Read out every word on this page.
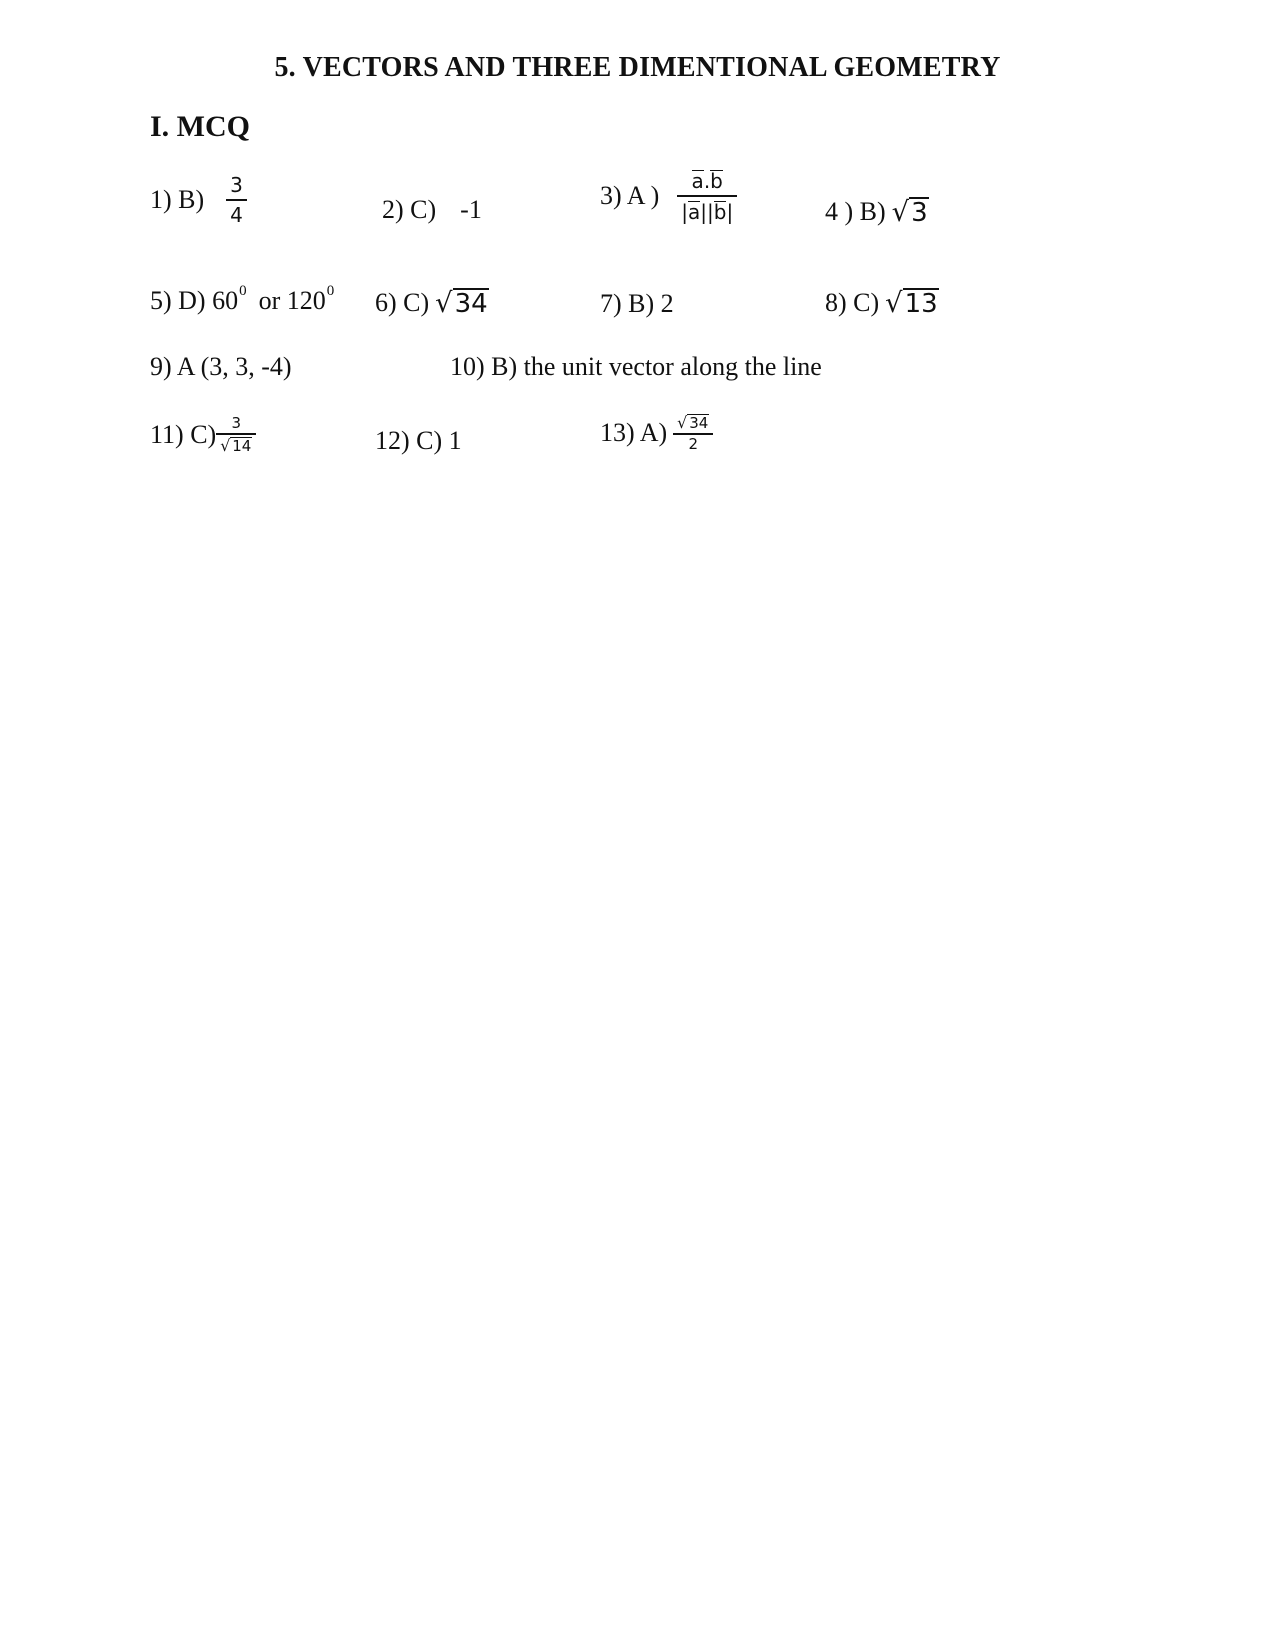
5. VECTORS AND THREE DIMENTIONAL GEOMETRY
I. MCQ
1) $B) \frac{3}{4}$	2) C) -1	3) A ) $\frac{a.b}{|a||b|}$	4 ) B) √ 3
5) D) 60 0 or 120 0 6) C) √ 34	7) B) 2	8) C) √ 13
9) A (3, 3, -4)	10) B) the unit vector along the line
11) $C) \frac{3}{√ 14}$	12) C) 1	13) $A) \frac{√ 34}{2}$
